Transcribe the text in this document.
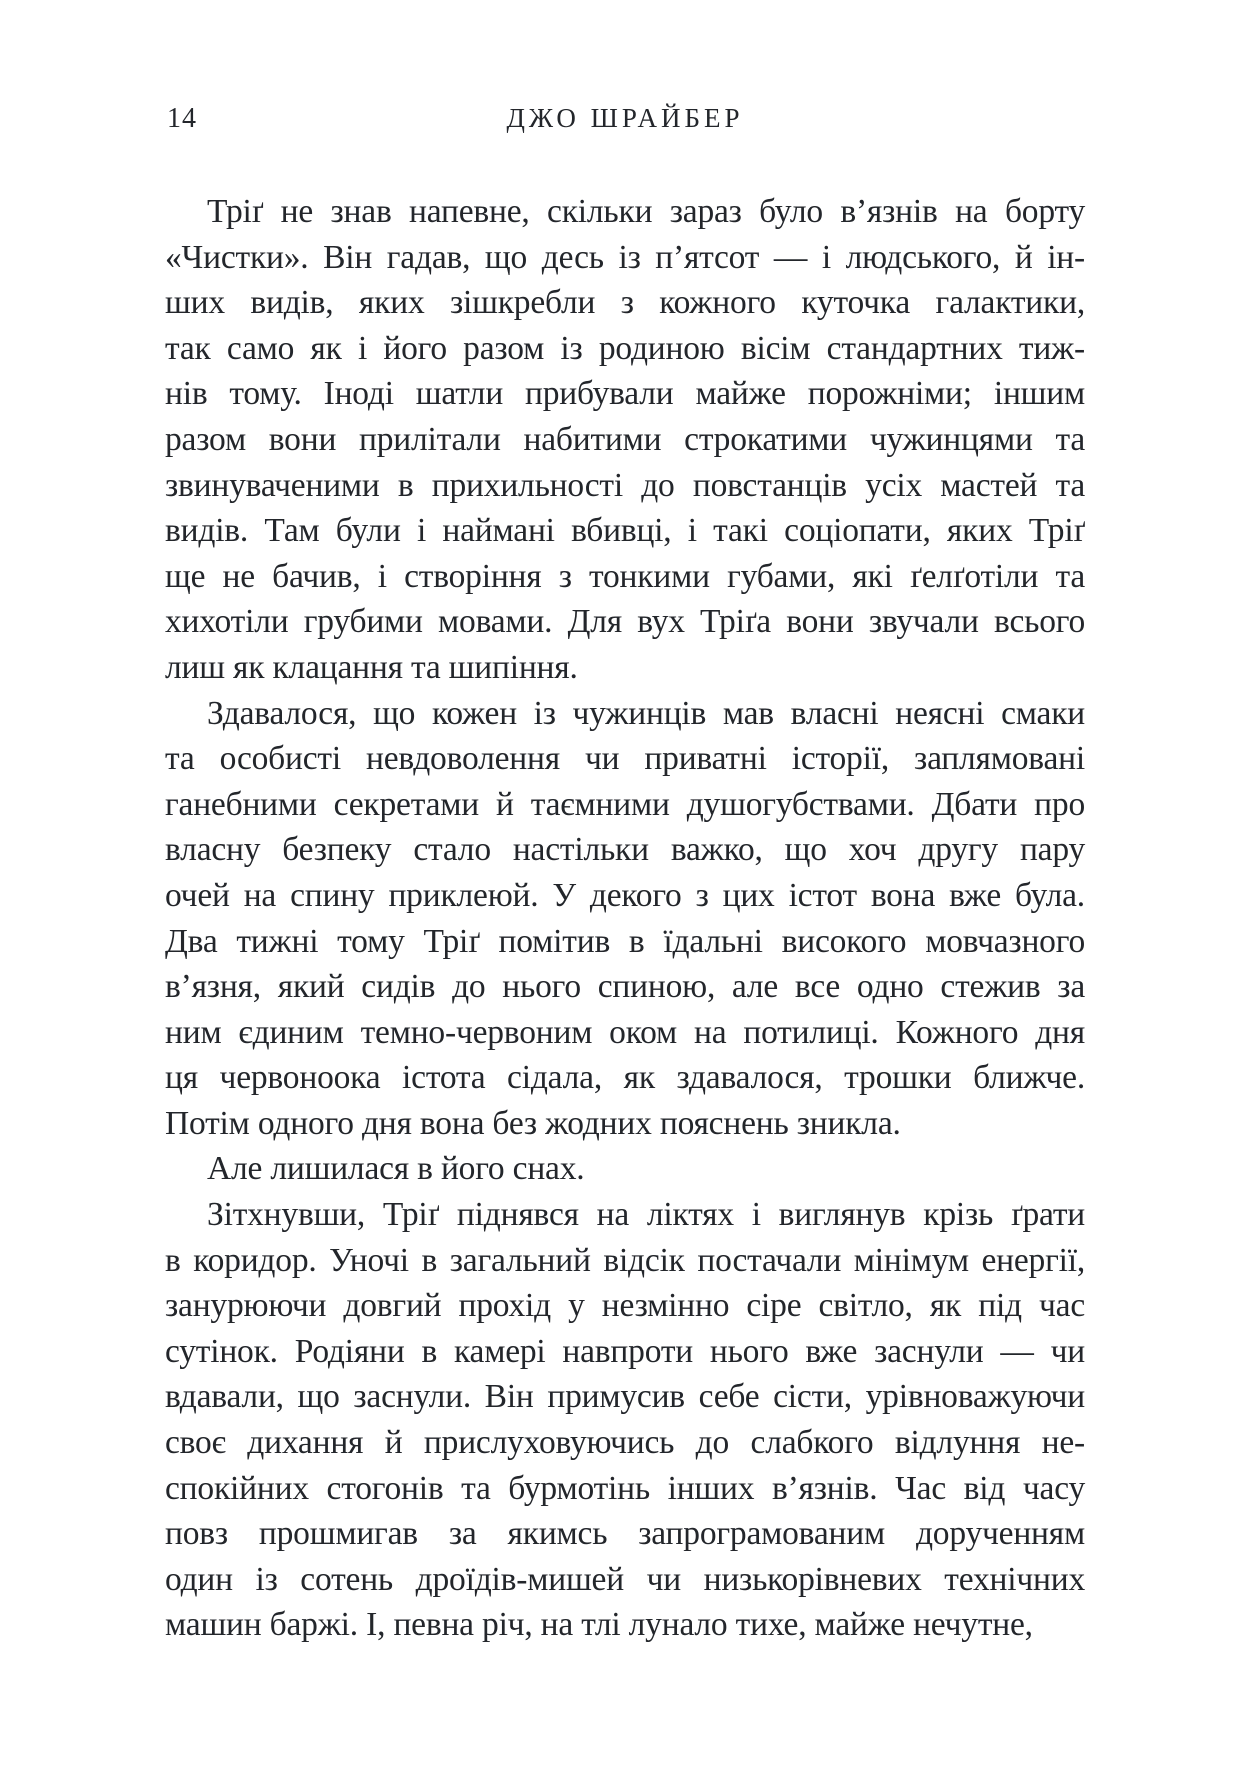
14	ДЖО ШРАЙБЕР
Тріґ не знав напевне, скільки зараз було в’язнів на борту
«Чистки». Він гадав, що десь із п’ятсот — і людського, й ін-
ших видів, яких зішкребли з кожного куточка галактики,
так само як і його разом із родиною вісім стандартних тиж-
нів тому. Іноді шатли прибували майже порожніми; іншим
разом вони прилітали набитими строкатими чужинцями та
звинуваченими в прихильності до повстанців усіх мастей та
видів. Там були і наймані вбивці, і такі соціопати, яких Тріґ
ще не бачив, і створіння з тонкими губами, які ґелґотіли та
хихотіли грубими мовами. Для вух Тріґа вони звучали всього
лиш як клацання та шипіння.
Здавалося, що кожен із чужинців мав власні неясні смаки
та особисті невдоволення чи приватні історії, заплямовані
ганебними секретами й таємними душогубствами. Дбати про
власну безпеку стало настільки важко, що хоч другу пару
очей на спину приклеюй. У декого з цих істот вона вже була.
Два тижні тому Тріґ помітив в їдальні високого мовчазного
в’язня, який сидів до нього спиною, але все одно стежив за
ним єдиним темно-червоним оком на потилиці. Кожного дня
ця червоноока істота сідала, як здавалося, трошки ближче.
Потім одного дня вона без жодних пояснень зникла.
Але лишилася в його снах.
Зітхнувши, Тріґ піднявся на ліктях і виглянув крізь ґрати
в коридор. Уночі в загальний відсік постачали мінімум енергії,
занурюючи довгий прохід у незмінно сіре світло, як під час
сутінок. Родіяни в камері навпроти нього вже заснули — чи
вдавали, що заснули. Він примусив себе сісти, урівноважуючи
своє дихання й прислуховуючись до слабкого відлуння не-
спокійних стогонів та бурмотінь інших в’язнів. Час від часу
повз прошмигав за якимсь запрограмованим дорученням
один із сотень дроїдів-мишей чи низькорівневих технічних
машин баржі. І, певна річ, на тлі лунало тихе, майже нечутне,
